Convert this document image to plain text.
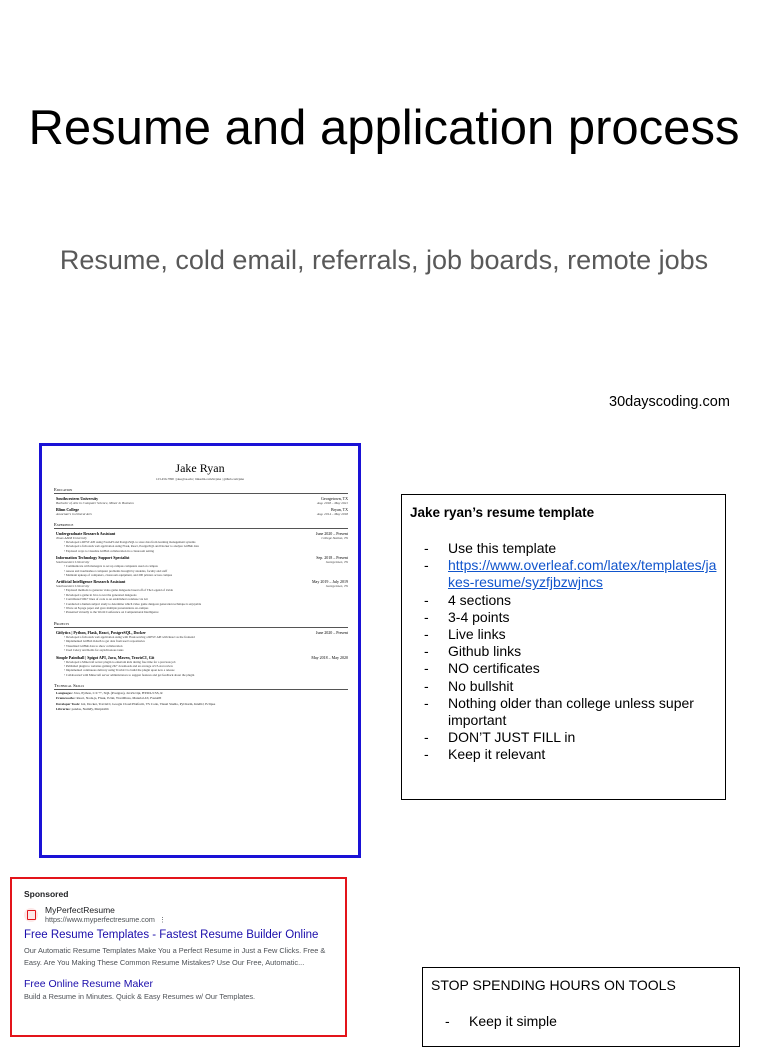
Resume and application process
Resume, cold email, referrals, job boards, remote jobs
30dayscoding.com
Jake Ryan
123-456-7890 | jake@su.edu | linkedin.com/in/jake | github.com/jake
Education
Southwestern University	Georgetown, TX
Bachelor of Arts in Computer Science, Minor in Business	Aug. 2018 – May 2021
Blinn College	Bryan, TX
Associate's in Liberal Arts	Aug. 2014 – May 2018
Experience
Undergraduate Research Assistant	June 2020 – Present
Texas A&M University	College Station, TX
• Developed a REST API using FastAPI and PostgreSQL to store data from learning management systems
• Developed a full-stack web application using Flask, React, PostgreSQL and Docker to analyze GitHub data
• Explored ways to visualize GitHub collaboration in a classroom setting
Information Technology Support Specialist	Sep. 2018 – Present
Southwestern University	Georgetown, TX
• Communicate with managers to set up campus computers used on campus
• Assess and troubleshoot computer problems brought by students, faculty and staff
• Maintain upkeep of computers, classroom equipment, and 200 printers across campus
Artificial Intelligence Research Assistant	May 2019 – July 2019
Southwestern University	Georgetown, TX
• Explored methods to generate video game dungeons based off of The Legend of Zelda
• Developed a game in Java to test the generated dungeons
• Contributed 50K+ lines of code to an established codebase via Git
• Conducted a human subject study to determine which video game dungeon generation technique is enjoyable
• Wrote an 8-page paper and gave multiple presentations on-campus
• Presented virtually to the World Conference on Computational Intelligence
Projects
Gitlytics | Python, Flask, React, PostgreSQL, Docker	June 2020 – Present
• Developed a full-stack web application using with Flask serving a REST API with React as the frontend
• Implemented GitHub OAuth to get data from user's repositories
• Visualized GitHub data to show collaboration
• Used Celery and Redis for asynchronous tasks
Simple Paintball | Spigot API, Java, Maven, TravisCI, Git	May 2018 – May 2020
• Developed a Minecraft server plugin to entertain kids during free time for a previous job
• Published plugin to websites gaining 2K+ downloads and an average 4.5/5-star review
• Implemented continuous delivery using TravisCI to build the plugin upon new a release
• Collaborated with Minecraft server administrators to suggest features and get feedback about the plugin
Technical Skills
Languages: Java, Python, C/C++, SQL (Postgres), JavaScript, HTML/CSS, R
Frameworks: React, Node.js, Flask, JUnit, WordPress, Material-UI, FastAPI
Developer Tools: Git, Docker, TravisCI, Google Cloud Platform, VS Code, Visual Studio, PyCharm, IntelliJ, Eclipse
Libraries: pandas, NumPy, Matplotlib
Jake ryan’s resume template
- Use this template
- https://www.overleaf.com/latex/templates/jakes-resume/syzfjbzwjncs
- 4 sections
- 3-4 points
- Live links
- Github links
- NO certificates
- No bullshit
- Nothing older than college unless super important
- DON’T JUST FILL in
- Keep it relevant
Sponsored
MyPerfectResume
https://www.myperfectresume.com  ⋮
Free Resume Templates - Fastest Resume Builder Online
Our Automatic Resume Templates Make You a Perfect Resume in Just a Few Clicks. Free & Easy. Are You Making These Common Resume Mistakes? Use Our Free, Automatic...
Free Online Resume Maker
Build a Resume in Minutes. Quick & Easy Resumes w/ Our Templates.
STOP SPENDING HOURS ON TOOLS
- Keep it simple
